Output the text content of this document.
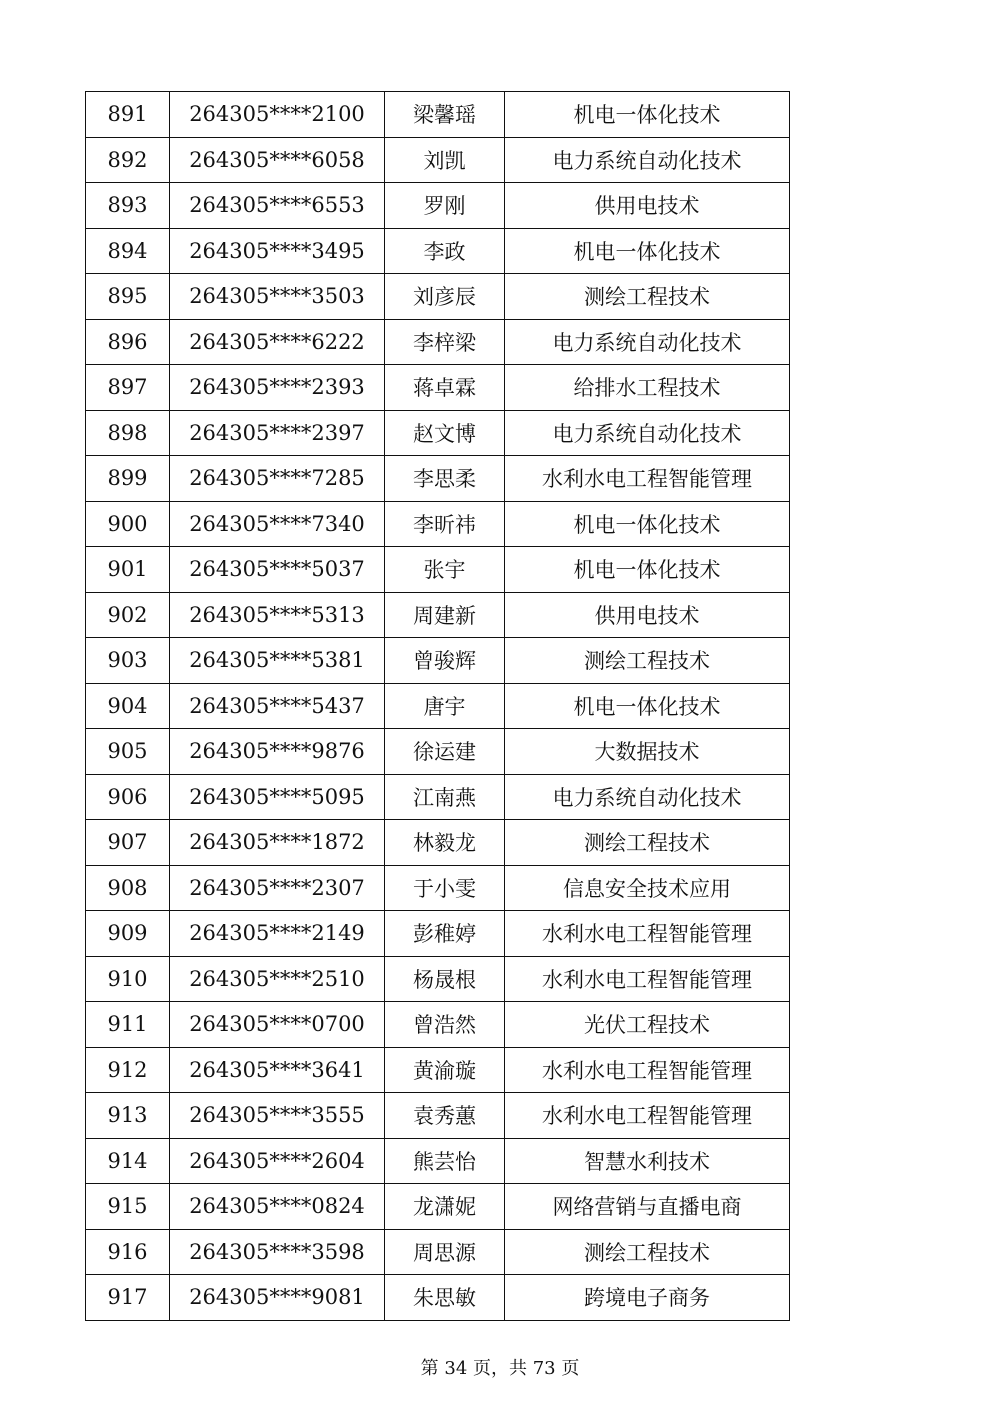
891	264305****2100	梁馨瑶	机电一体化技术
892	264305****6058	刘凯	电力系统自动化技术
893	264305****6553	罗刚	供用电技术
894	264305****3495	李政	机电一体化技术
895	264305****3503	刘彦辰	测绘工程技术
896	264305****6222	李梓梁	电力系统自动化技术
897	264305****2393	蒋卓霖	给排水工程技术
898	264305****2397	赵文博	电力系统自动化技术
899	264305****7285	李思柔	水利水电工程智能管理
900	264305****7340	李昕祎	机电一体化技术
901	264305****5037	张宇	机电一体化技术
902	264305****5313	周建新	供用电技术
903	264305****5381	曾骏辉	测绘工程技术
904	264305****5437	唐宇	机电一体化技术
905	264305****9876	徐运建	大数据技术
906	264305****5095	江南燕	电力系统自动化技术
907	264305****1872	林毅龙	测绘工程技术
908	264305****2307	于小雯	信息安全技术应用
909	264305****2149	彭稚婷	水利水电工程智能管理
910	264305****2510	杨晟根	水利水电工程智能管理
911	264305****0700	曾浩然	光伏工程技术
912	264305****3641	黄渝璇	水利水电工程智能管理
913	264305****3555	袁秀蕙	水利水电工程智能管理
914	264305****2604	熊芸怡	智慧水利技术
915	264305****0824	龙潇妮	网络营销与直播电商
916	264305****3598	周思源	测绘工程技术
917	264305****9081	朱思敏	跨境电子商务
第 34 页，共 73 页
